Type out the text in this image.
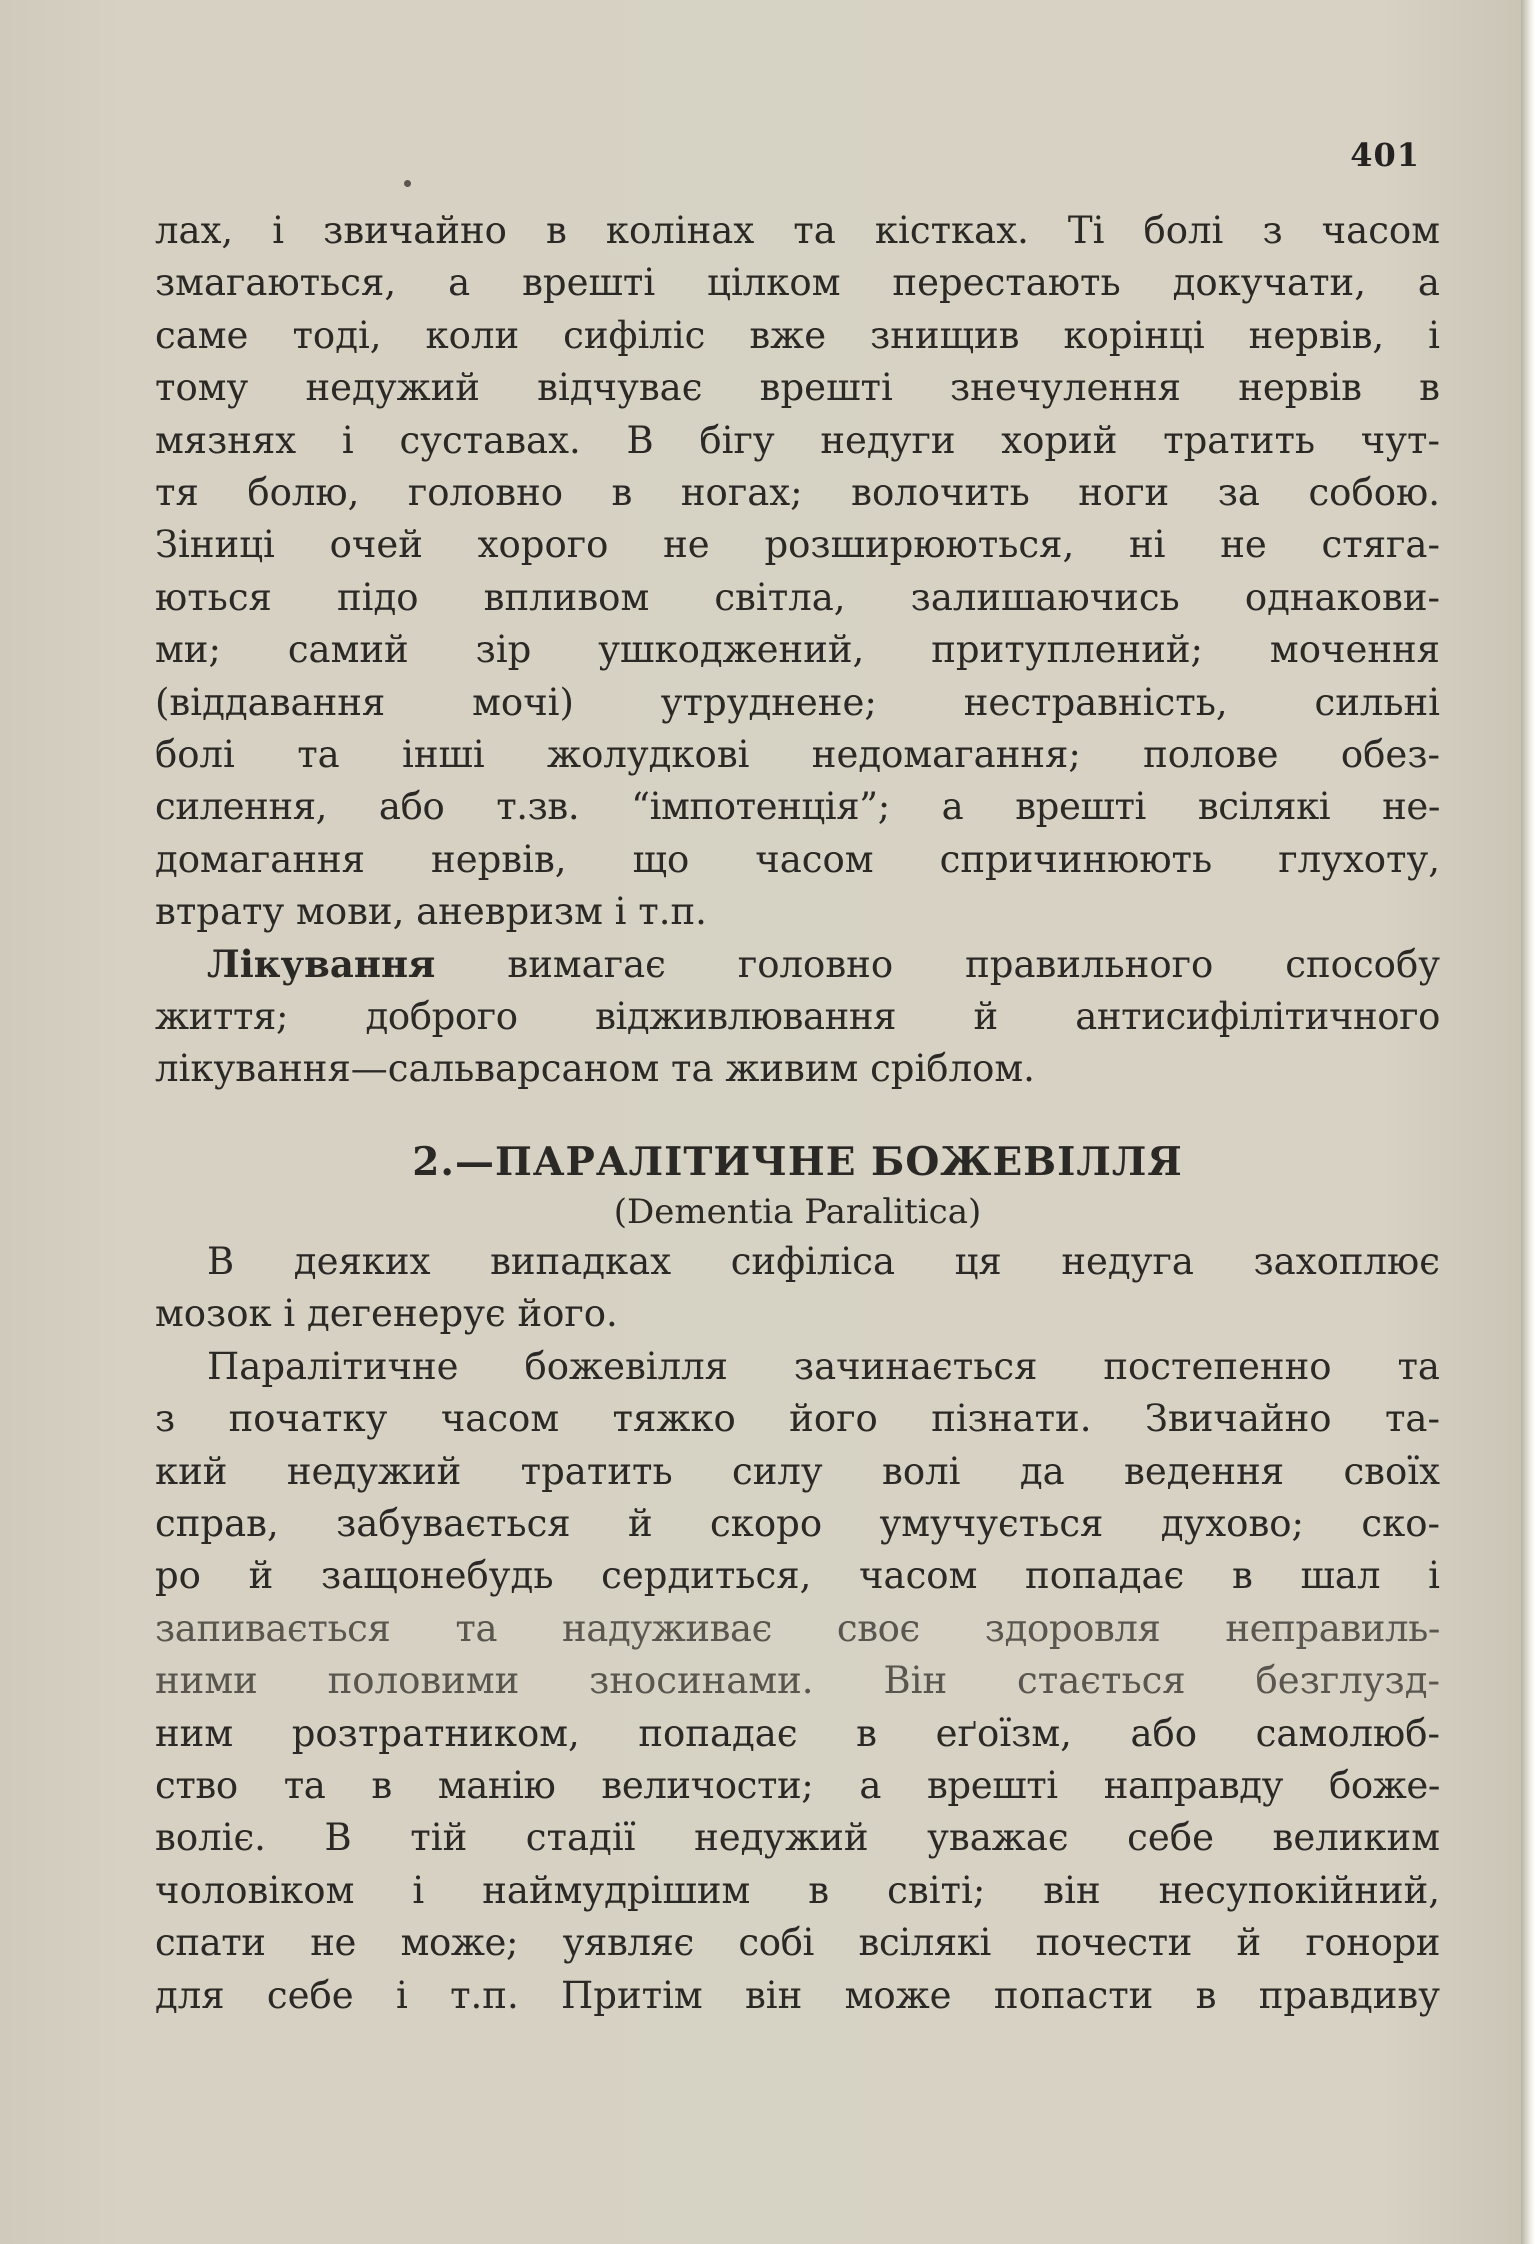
401

лах, і звичайно в колінах та кістках. Ті болі з часом
змагаються, а врешті цілком перестають докучати, а
саме тоді, коли сифіліс вже знищив корінці нервів, і
тому недужий відчуває врешті знечулення нервів в
мязнях і суставах. В бігу недуги хорий тратить чут-
тя болю, головно в ногах; волочить ноги за собою.
Зіниці очей хорого не розширюються, ні не стяга-
ються підо впливом світла, залишаючись однакови-
ми; самий зір ушкоджений, притуплений; мочення
(віддавання мочі) утруднене; нестравність, сильні
болі та інші жолудкові недомагання; полове обез-
силення, або т.зв. “імпотенція”; а врешті всілякі не-
домагання нервів, що часом спричинюють глухоту,
втрату мови, аневризм і т.п.
Лікування вимагає головно правильного способу
життя; доброго відживлювання й антисифілітичного
лікування—сальварсаном та живим сріблом.
2.—ПАРАЛІТИЧНЕ БОЖЕВІЛЛЯ
(Dementia Paralitica)
В деяких випадках сифіліса ця недуга захоплює
мозок і дегенерує його.
Паралітичне божевілля зачинається постепенно та
з початку часом тяжко його пізнати. Звичайно та-
кий недужий тратить силу волі да ведення своїх
справ, забувається й скоро умучується духово; ско-
ро й защонебудь сердиться, часом попадає в шал і
запивається та надуживає своє здоровля неправиль-
ними половими зносинами. Він стається безглузд-
ним розтратником, попадає в еґоїзм, або самолюб-
ство та в манію величости; а врешті направду боже-
воліє. В тій стадії недужий уважає себе великим
чоловіком і наймудрішим в світі; він несупокійний,
спати не може; уявляє собі всілякі почести й гонори
для себе і т.п. Притім він може попасти в правдиву
